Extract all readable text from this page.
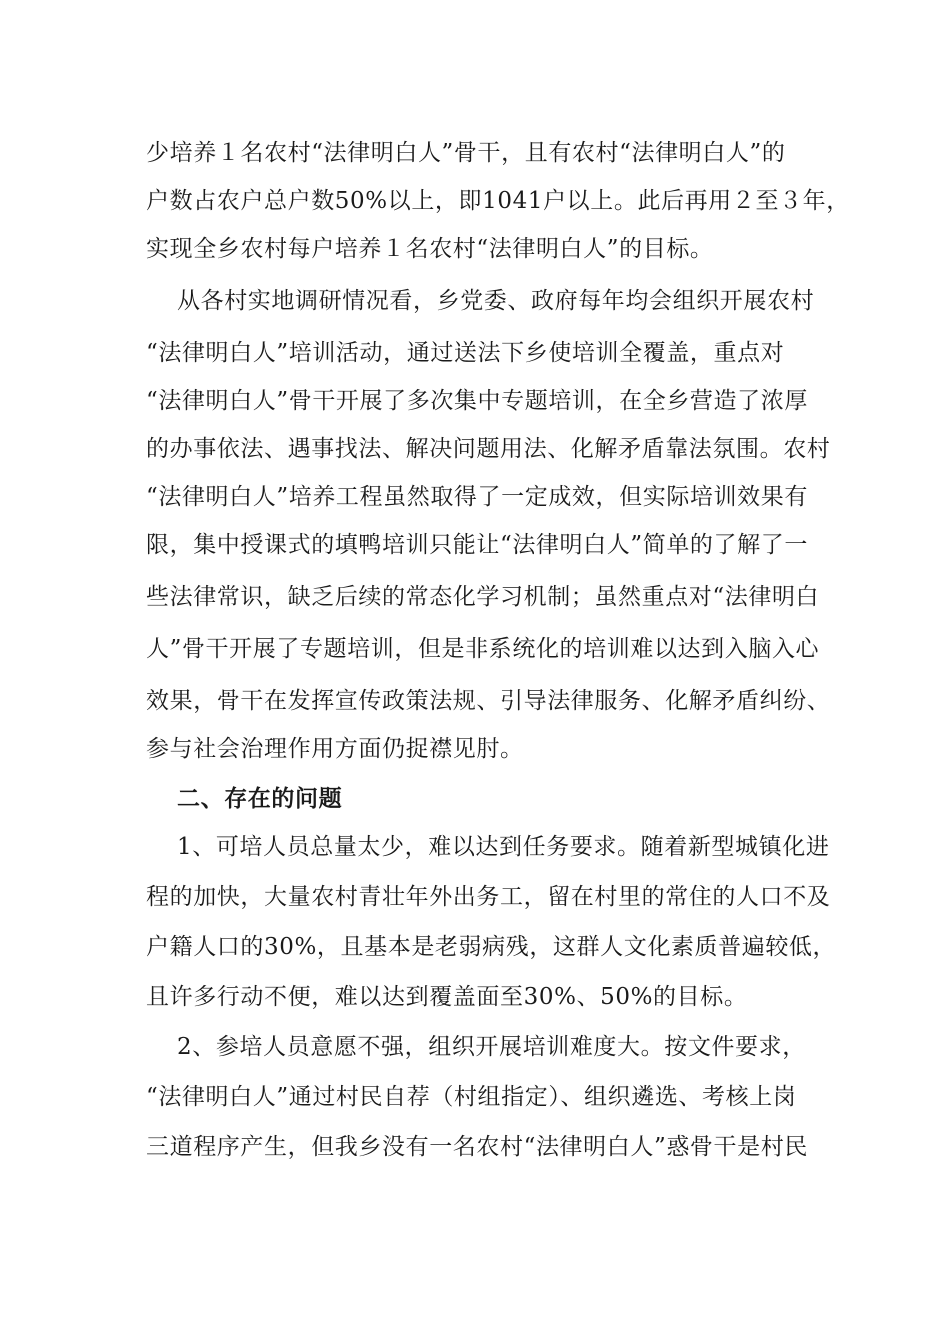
少培养１名农村“法律明白人”骨干，且有农村“法律明白人”的
户数占农户总户数50%以上，即1041户以上。此后再用２至３年，
实现全乡农村每户培养１名农村“法律明白人”的目标。
从各村实地调研情况看，乡党委、政府每年均会组织开展农村
“法律明白人”培训活动，通过送法下乡使培训全覆盖，重点对
“法律明白人”骨干开展了多次集中专题培训，在全乡营造了浓厚
的办事依法、遇事找法、解决问题用法、化解矛盾靠法氛围。农村
“法律明白人”培养工程虽然取得了一定成效，但实际培训效果有
限，集中授课式的填鸭培训只能让“法律明白人”简单的了解了一
些法律常识，缺乏后续的常态化学习机制；虽然重点对“法律明白
人”骨干开展了专题培训，但是非系统化的培训难以达到入脑入心
效果，骨干在发挥宣传政策法规、引导法律服务、化解矛盾纠纷、
参与社会治理作用方面仍捉襟见肘。
二、存在的问题
1、可培人员总量太少，难以达到任务要求。随着新型城镇化进
程的加快，大量农村青壮年外出务工，留在村里的常住的人口不及
户籍人口的30%，且基本是老弱病残，这群人文化素质普遍较低，
且许多行动不便，难以达到覆盖面至30%、50%的目标。
2、参培人员意愿不强，组织开展培训难度大。按文件要求，
“法律明白人”通过村民自荐（村组指定）、组织遴选、考核上岗
三道程序产生，但我乡没有一名农村“法律明白人”惑骨干是村民
